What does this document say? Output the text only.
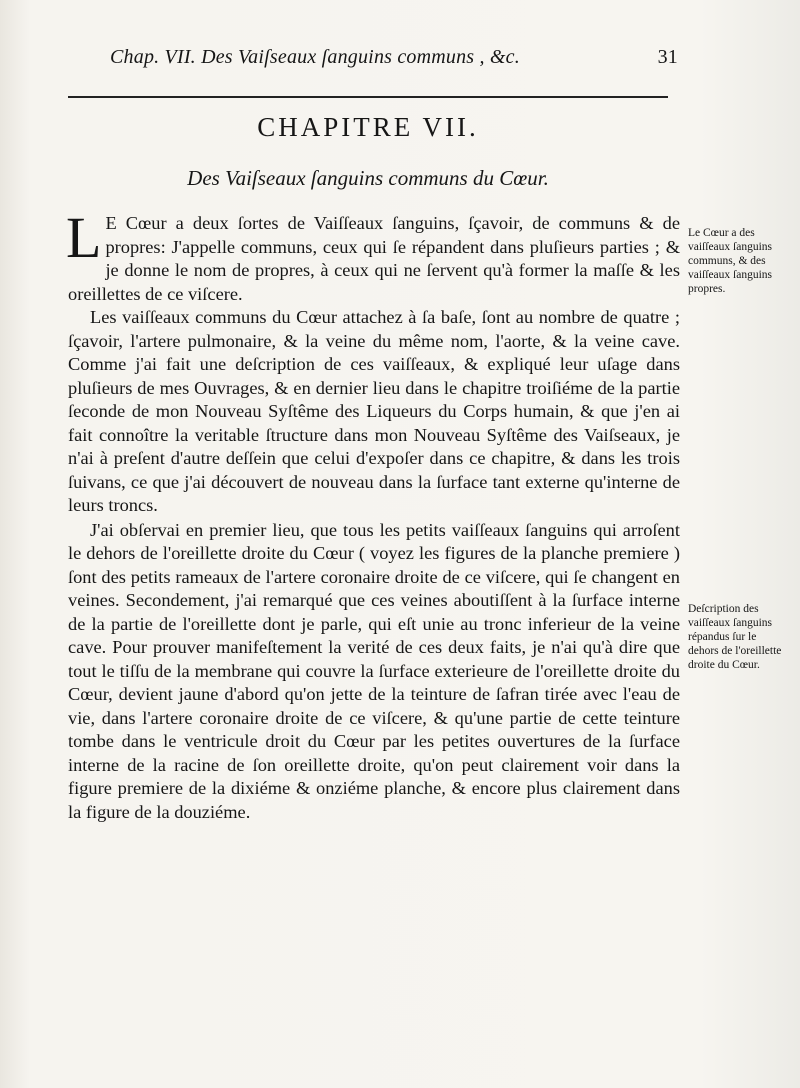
Chap. VII. Des Vaiſseaux ſanguins communs , &c.	31
CHAPITRE VII.
Des Vaiſseaux ſanguins communs du Cœur.

L E Cœur a deux ſortes de Vaiſſeaux ſanguins, ſçavoir, de communs & de propres: J'appelle communs, ceux qui ſe répandent dans pluſieurs parties ; & je donne le nom de propres, à ceux qui ne ſervent qu'à former la maſſe & les oreillettes de ce viſcere.

Les vaiſſeaux communs du Cœur attachez à ſa baſe, ſont au nombre de quatre ; ſçavoir, l'artere pulmonaire, & la veine du même nom, l'aorte, & la veine cave. Comme j'ai fait une deſcription de ces vaiſſeaux, & expliqué leur uſage dans pluſieurs de mes Ouvrages, & en dernier lieu dans le chapitre troiſiéme de la partie ſeconde de mon Nouveau Syſtême des Liqueurs du Corps humain, & que j'en ai fait connoître la veritable ſtructure dans mon Nouveau Syſtême des Vaiſseaux, je n'ai à preſent d'autre deſſein que celui d'expoſer dans ce chapitre, & dans les trois ſuivans, ce que j'ai découvert de nouveau dans la ſurface tant externe qu'interne de leurs troncs.

J'ai obſervai en premier lieu, que tous les petits vaiſſeaux ſanguins qui arroſent le dehors de l'oreillette droite du Cœur ( voyez les figures de la planche premiere ) ſont des petits rameaux de l'artere coronaire droite de ce viſcere, qui ſe changent en veines. Secondement, j'ai remarqué que ces veines aboutiſſent à la ſurface interne de la partie de l'oreillette dont je parle, qui eſt unie au tronc inferieur de la veine cave. Pour prouver manifeſtement la verité de ces deux faits, je n'ai qu'à dire que tout le tiſſu de la membrane qui couvre la ſurface exterieure de l'oreillette droite du Cœur, devient jaune d'abord qu'on jette de la teinture de ſafran tirée avec l'eau de vie, dans l'artere coronaire droite de ce viſcere, & qu'une partie de cette teinture tombe dans le ventricule droit du Cœur par les petites ouvertures de la ſurface interne de la racine de ſon oreillette droite, qu'on peut clairement voir dans la figure premiere de la dixiéme & onziéme planche, & encore plus clairement dans la figure de la douziéme.

Le Cœur a des vaiſſeaux ſanguins communs, & des vaiſſeaux ſanguins propres.
Deſcription des vaiſſeaux ſanguins répandus ſur le dehors de l'oreillette droite du Cœur.
